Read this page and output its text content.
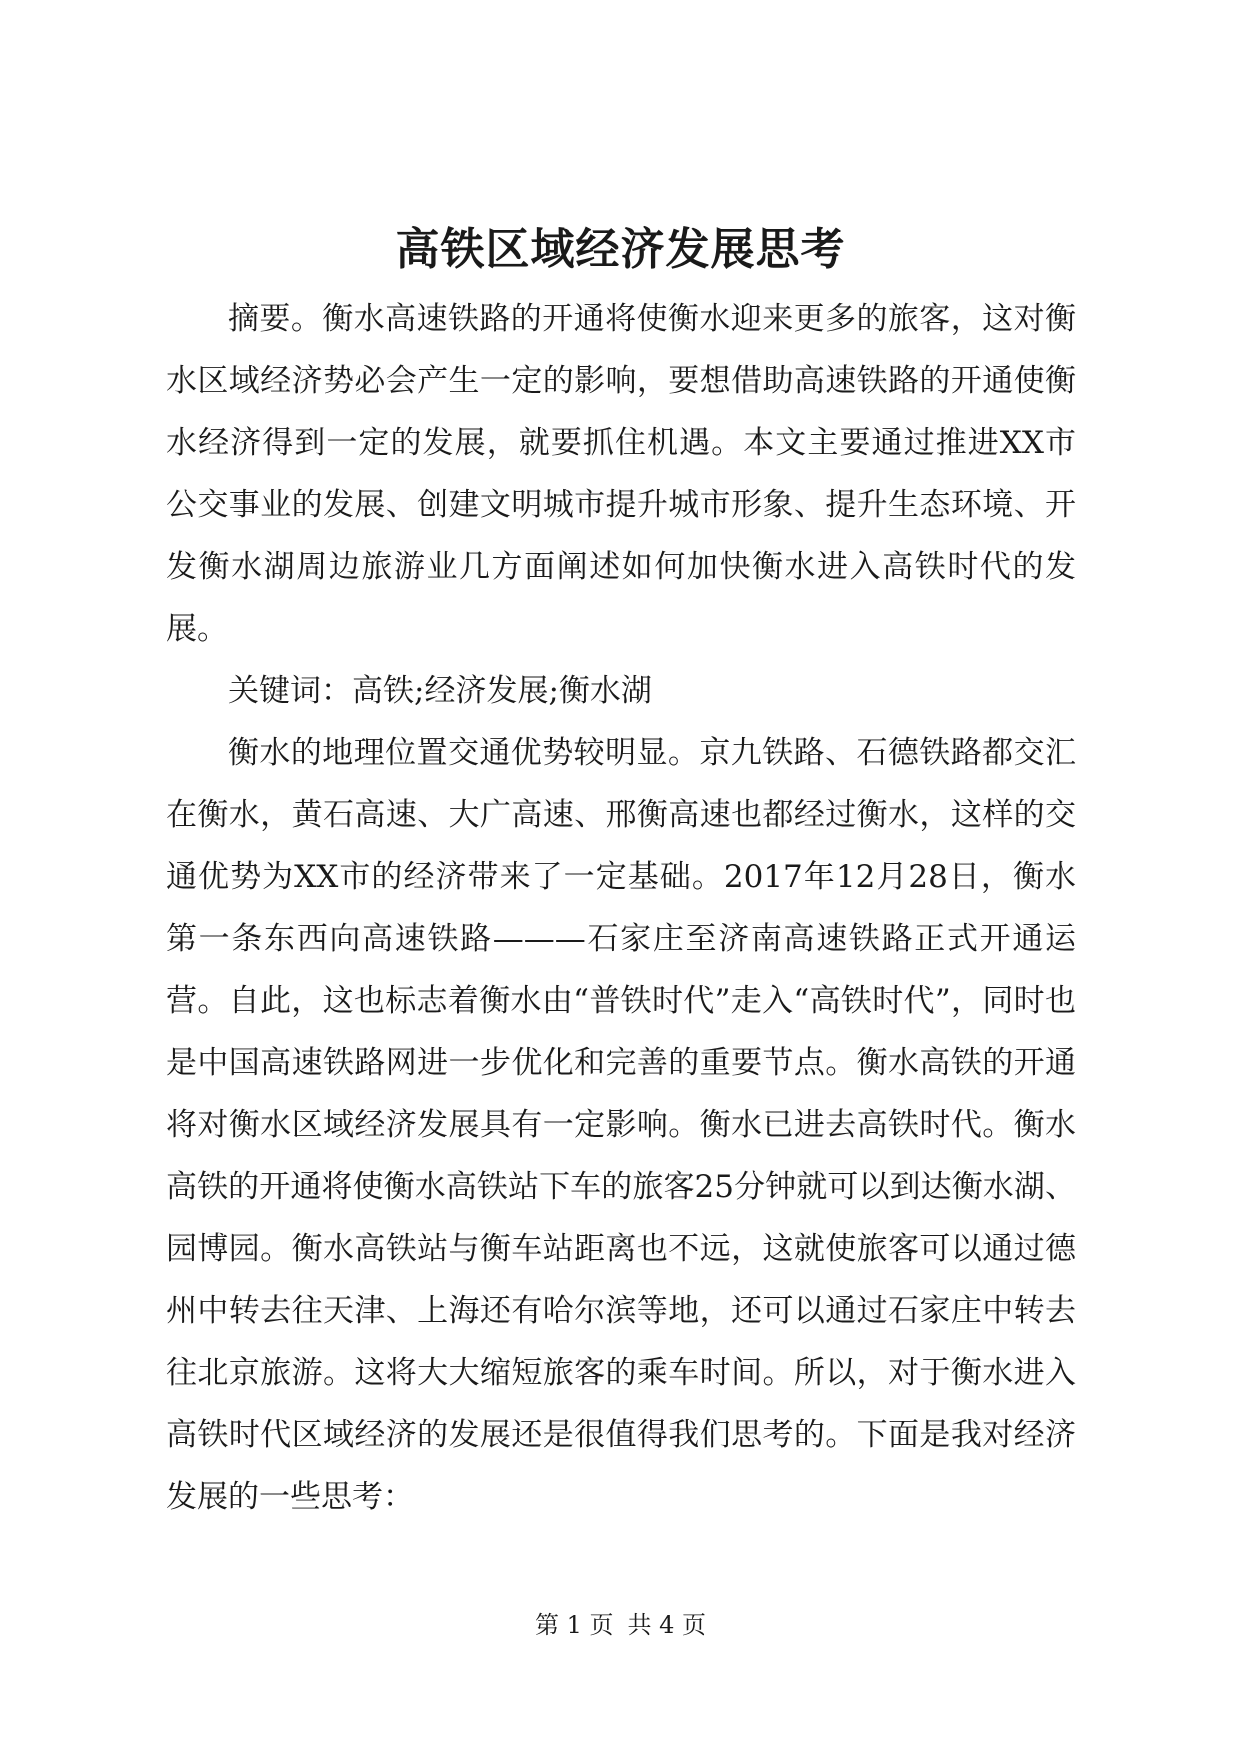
高铁区域经济发展思考

摘要。衡水高速铁路的开通将使衡水迎来更多的旅客，这对衡水区域经济势必会产生一定的影响，要想借助高速铁路的开通使衡水经济得到一定的发展，就要抓住机遇。本文主要通过推进XX市公交事业的发展、创建文明城市提升城市形象、提升生态环境、开发衡水湖周边旅游业几方面阐述如何加快衡水进入高铁时代的发展。

关键词：高铁;经济发展;衡水湖

衡水的地理位置交通优势较明显。京九铁路、石德铁路都交汇在衡水，黄石高速、大广高速、邢衡高速也都经过衡水，这样的交通优势为XX市的经济带来了一定基础。2017年12月28日，衡水第一条东西向高速铁路———石家庄至济南高速铁路正式开通运营。自此，这也标志着衡水由“普铁时代”走入“高铁时代”，同时也是中国高速铁路网进一步优化和完善的重要节点。衡水高铁的开通将对衡水区域经济发展具有一定影响。衡水已进去高铁时代。衡水高铁的开通将使衡水高铁站下车的旅客25分钟就可以到达衡水湖、园博园。衡水高铁站与衡车站距离也不远，这就使旅客可以通过德州中转去往天津、上海还有哈尔滨等地，还可以通过石家庄中转去往北京旅游。这将大大缩短旅客的乘车时间。所以，对于衡水进入高铁时代区域经济的发展还是很值得我们思考的。下面是我对经济发展的一些思考：

第 1 页 共 4 页
